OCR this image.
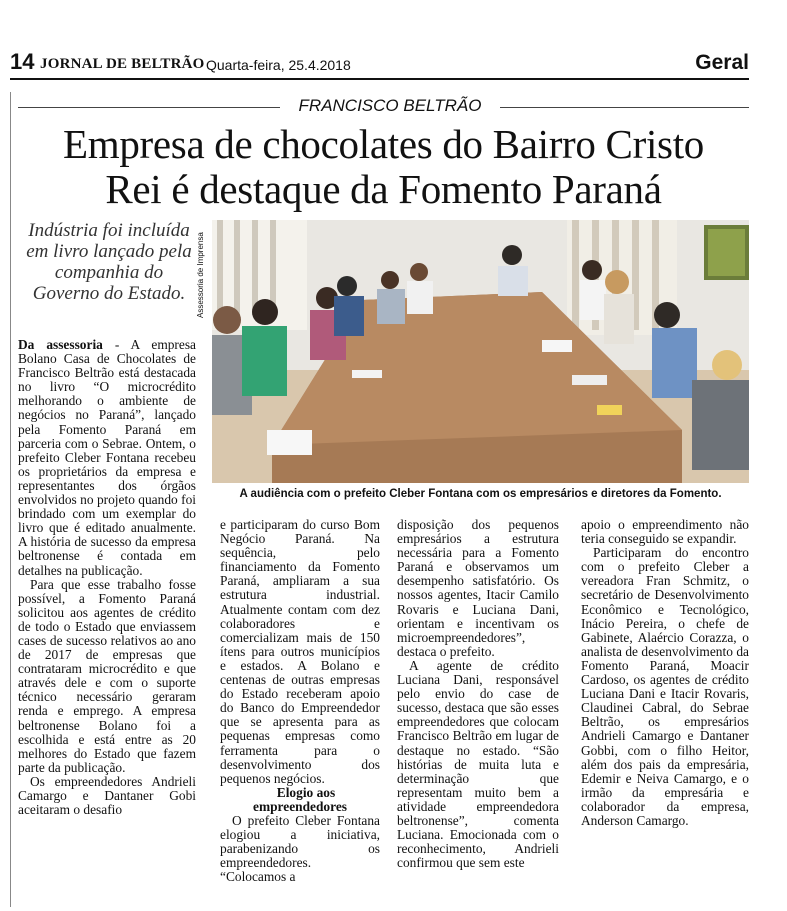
14 JORNAL DE BELTRÃO Quarta-feira, 25.4.2018	Geral
FRANCISCO BELTRÃO
Empresa de chocolates do Bairro Cristo
Rei é destaque da Fomento Paraná
Indústria foi incluída em livro lançado pela companhia do Governo do Estado.	Assessoria de Imprensa
A audiência com o prefeito Cleber Fontana com os empresários e diretores da Fomento.

Da assessoria - A empresa Bolano Casa de Chocolates de Francisco Beltrão está destacada no livro “O microcrédito melhorando o ambiente de negócios no Paraná”, lançado pela Fomento Paraná em parceria com o Sebrae. Ontem, o prefeito Cleber Fontana recebeu os proprietários da empresa e representantes dos órgãos envolvidos no projeto quando foi brindado com um exemplar do livro que é editado anualmente. A história de sucesso da empresa beltronense é contada em detalhes na publicação.

Para que esse trabalho fosse possível, a Fomento Paraná solicitou aos agentes de crédito de todo o Estado que enviassem cases de sucesso relativos ao ano de 2017 de empresas que contrataram microcrédito e que através dele e com o suporte técnico necessário geraram renda e emprego. A empresa beltronense Bolano foi a escolhida e está entre as 20 melhores do Estado que fazem parte da publicação.

Os empreendedores Andrieli Camargo e Dantaner Gobi aceitaram o desafio

e participaram do curso Bom Negócio Paraná. Na sequência, pelo financiamento da Fomento Paraná, ampliaram a sua estrutura industrial. Atualmente contam com dez colaboradores e comercializam mais de 150 ítens para outros municípios e estados. A Bolano e centenas de outras empresas do Estado receberam apoio do Banco do Empreendedor que se apresenta para as pequenas empresas como ferramenta para o desenvolvimento dos pequenos negócios.

Elogio aos
empreendedores

O prefeito Cleber Fontana elogiou a iniciativa, parabenizando os empreendedores. “Colocamos a

disposição dos pequenos empresários a estrutura necessária para a Fomento Paraná e observamos um desempenho satisfatório. Os nossos agentes, Itacir Camilo Rovaris e Luciana Dani, orientam e incentivam os microempreendedores”, destaca o prefeito.

A agente de crédito Luciana Dani, responsável pelo envio do case de sucesso, destaca que são esses empreendedores que colocam Francisco Beltrão em lugar de destaque no estado. “São histórias de muita luta e determinação que representam muito bem a atividade empreendedora beltronense”, comenta Luciana. Emocionada com o reconhecimento, Andrieli confirmou que sem este

apoio o empreendimento não teria conseguido se expandir.

Participaram do encontro com o prefeito Cleber a vereadora Fran Schmitz, o secretário de Desenvolvimento Econômico e Tecnológico, Inácio Pereira, o chefe de Gabinete, Alaércio Corazza, o analista de desenvolvimento da Fomento Paraná, Moacir Cardoso, os agentes de crédito Luciana Dani e Itacir Rovaris, Claudinei Cabral, do Sebrae Beltrão, os empresários Andrieli Camargo e Dantaner Gobbi, com o filho Heitor, além dos pais da empresária, Edemir e Neiva Camargo, e o irmão da empresária e colaborador da empresa, Anderson Camargo.
